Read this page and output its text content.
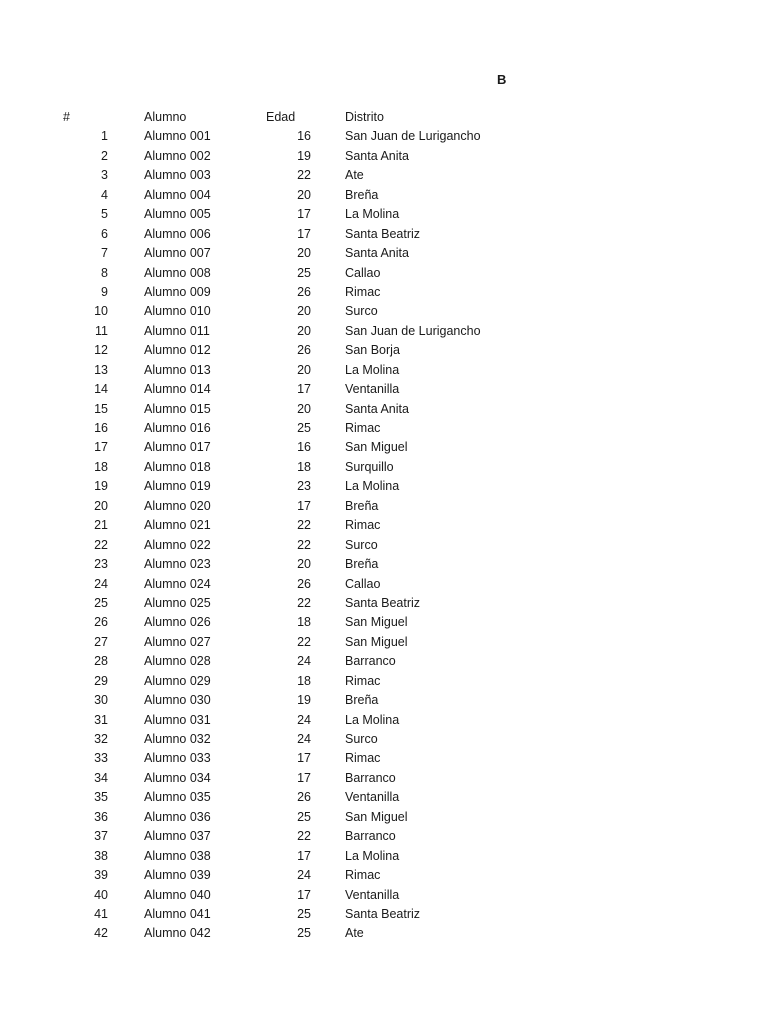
B
#	Alumno	Edad	Distrito
1	Alumno 001	16	San Juan de Lurigancho
2	Alumno 002	19	Santa Anita
3	Alumno 003	22	Ate
4	Alumno 004	20	Breña
5	Alumno 005	17	La Molina
6	Alumno 006	17	Santa Beatriz
7	Alumno 007	20	Santa Anita
8	Alumno 008	25	Callao
9	Alumno 009	26	Rimac
10	Alumno 010	20	Surco
11	Alumno 011	20	San Juan de Lurigancho
12	Alumno 012	26	San Borja
13	Alumno 013	20	La Molina
14	Alumno 014	17	Ventanilla
15	Alumno 015	20	Santa Anita
16	Alumno 016	25	Rimac
17	Alumno 017	16	San Miguel
18	Alumno 018	18	Surquillo
19	Alumno 019	23	La Molina
20	Alumno 020	17	Breña
21	Alumno 021	22	Rimac
22	Alumno 022	22	Surco
23	Alumno 023	20	Breña
24	Alumno 024	26	Callao
25	Alumno 025	22	Santa Beatriz
26	Alumno 026	18	San Miguel
27	Alumno 027	22	San Miguel
28	Alumno 028	24	Barranco
29	Alumno 029	18	Rimac
30	Alumno 030	19	Breña
31	Alumno 031	24	La Molina
32	Alumno 032	24	Surco
33	Alumno 033	17	Rimac
34	Alumno 034	17	Barranco
35	Alumno 035	26	Ventanilla
36	Alumno 036	25	San Miguel
37	Alumno 037	22	Barranco
38	Alumno 038	17	La Molina
39	Alumno 039	24	Rimac
40	Alumno 040	17	Ventanilla
41	Alumno 041	25	Santa Beatriz
42	Alumno 042	25	Ate
